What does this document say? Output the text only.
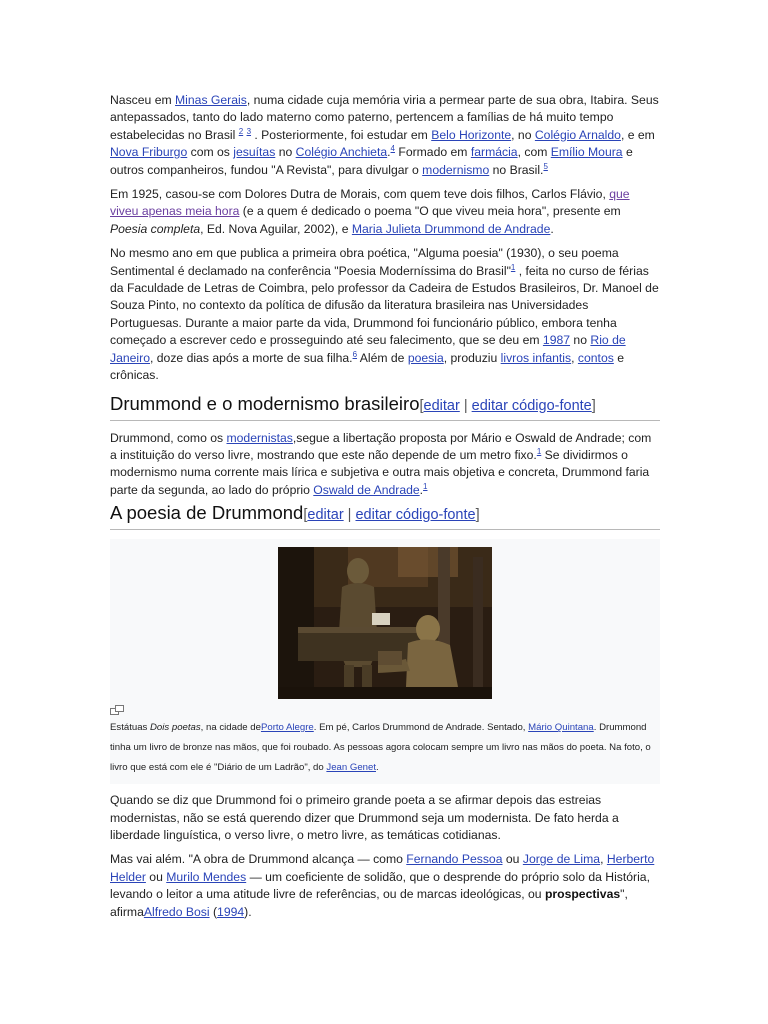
Nasceu em Minas Gerais, numa cidade cuja memória viria a permear parte de sua obra, Itabira. Seus antepassados, tanto do lado materno como paterno, pertencem a famílias de há muito tempo estabelecidas no Brasil $^2$ $^3$ . Posteriormente, foi estudar em Belo Horizonte, no Colégio Arnaldo, e em Nova Friburgo com os jesuítas no Colégio Anchieta.$^4$ Formado em farmácia, com Emílio Moura e outros companheiros, fundou "A Revista", para divulgar o modernismo no Brasil.$^5$

Em 1925, casou-se com Dolores Dutra de Morais, com quem teve dois filhos, Carlos Flávio, que viveu apenas meia hora (e a quem é dedicado o poema "O que viveu meia hora", presente em Poesia completa, Ed. Nova Aguilar, 2002), e Maria Julieta Drummond de Andrade.

No mesmo ano em que publica a primeira obra poética, "Alguma poesia" (1930), o seu poema Sentimental é declamado na conferência "Poesia Moderníssima do Brasil"$^1$ , feita no curso de férias da Faculdade de Letras de Coimbra, pelo professor da Cadeira de Estudos Brasileiros, Dr. Manoel de Souza Pinto, no contexto da política de difusão da literatura brasileira nas Universidades Portuguesas. Durante a maior parte da vida, Drummond foi funcionário público, embora tenha começado a escrever cedo e prosseguindo até seu falecimento, que se deu em 1987 no Rio de Janeiro, doze dias após a morte de sua filha.$^6$ Além de poesia, produziu livros infantis, contos e crônicas.

Drummond e o modernismo brasileiro[editar | editar código-fonte]

Drummond, como os modernistas,segue a libertação proposta por Mário e Oswald de Andrade; com a instituição do verso livre, mostrando que este não depende de um metro fixo.$^1$ Se dividirmos o modernismo numa corrente mais lírica e subjetiva e outra mais objetiva e concreta, Drummond faria parte da segunda, ao lado do próprio Oswald de Andrade.$^1$

A poesia de Drummond[editar | editar código-fonte]
Estátuas Dois poetas, na cidade dePorto Alegre. Em pé, Carlos Drummond de Andrade. Sentado, Mário Quintana. Drummond tinha um livro de bronze nas mãos, que foi roubado. As pessoas agora colocam sempre um livro nas mãos do poeta. Na foto, o livro que está com ele é "Diário de um Ladrão", do Jean Genet.

Quando se diz que Drummond foi o primeiro grande poeta a se afirmar depois das estreias modernistas, não se está querendo dizer que Drummond seja um modernista. De fato herda a liberdade linguística, o verso livre, o metro livre, as temáticas cotidianas.

Mas vai além. "A obra de Drummond alcança — como Fernando Pessoa ou Jorge de Lima, Herberto Helder ou Murilo Mendes — um coeficiente de solidão, que o desprende do próprio solo da História, levando o leitor a uma atitude livre de referências, ou de marcas ideológicas, ou prospectivas", afirmaAlfredo Bosi (1994).
